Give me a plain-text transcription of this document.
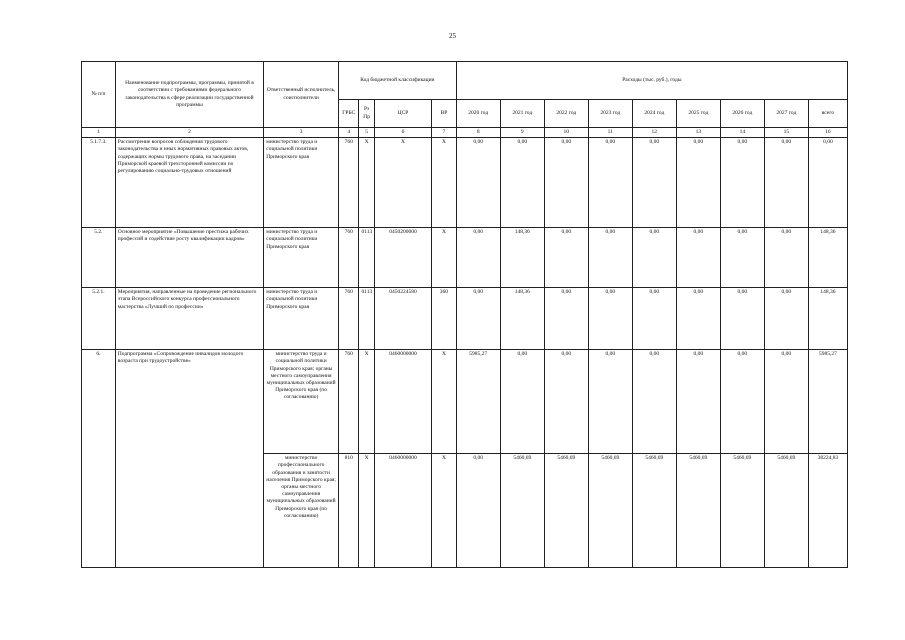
25
№ п/п	Наименование подпрограммы, программы, принятой в соответствии с требованиями федерального законодательства в сфере реализации государственной программы	Ответственный исполнитель, соисполнители	Код бюджетной классификации				Расходы (тыс. руб.), годы								
			ГРБС	Рз Пр	ЦСР	ВР	2020 год	2021 год	2022 год	2023 год	2024 год	2025 год	2026 год	2027 год	всего
1	2	3	4	5	6	7	8	9	10	11	12	13	14	15	16
5.1.7.3.	Рассмотрение вопросов соблюдения трудового законодательства и иных нормативных правовых актов, содержащих нормы трудового права, на заседании Приморской краевой трехсторонней комиссии по регулированию социально-трудовых отношений	министерство труда и социальной политики Приморского края	760	X	X	X	0,00	0,00	0,00	0,00	0,00	0,00	0,00	0,00	0,00
5.2.	Основное мероприятие «Повышение престижа рабочих профессий и содействие росту квалификации кадров»	министерство труда и социальной политики Приморского края	760	0113	0450200000	X	0,00	148,36	0,00	0,00	0,00	0,00	0,00	0,00	148,36
5.2.1.	Мероприятия, направленные на проведение регионального этапа Всероссийского конкурса профессионального мастерства «Лучший по профессии»	министерство труда и социальной политики Приморского края	760	0113	0450224580	360	0,00	148,36	0,00	0,00	0,00	0,00	0,00	0,00	148,36
6.	Подпрограмма «Сопровождение инвалидов молодого возраста при трудоустройстве»	министерство труда и социальной политики Приморского края; органы местного самоуправления муниципальных образований Приморского края (по согласованию)	760	X	0460000000	X	5985,27	0,00	0,00	0,00	0,00	0,00	0,00	0,00	5985,27
		министерство профессионального образования и занятости населения Приморского края; органы местного самоуправления муниципальных образований Приморского края (по согласованию)	810	X	0460000000	X	0,00	5460,69	5460,69	5460,69	5460,69	5460,69	5460,69	5460,69	38224,83
